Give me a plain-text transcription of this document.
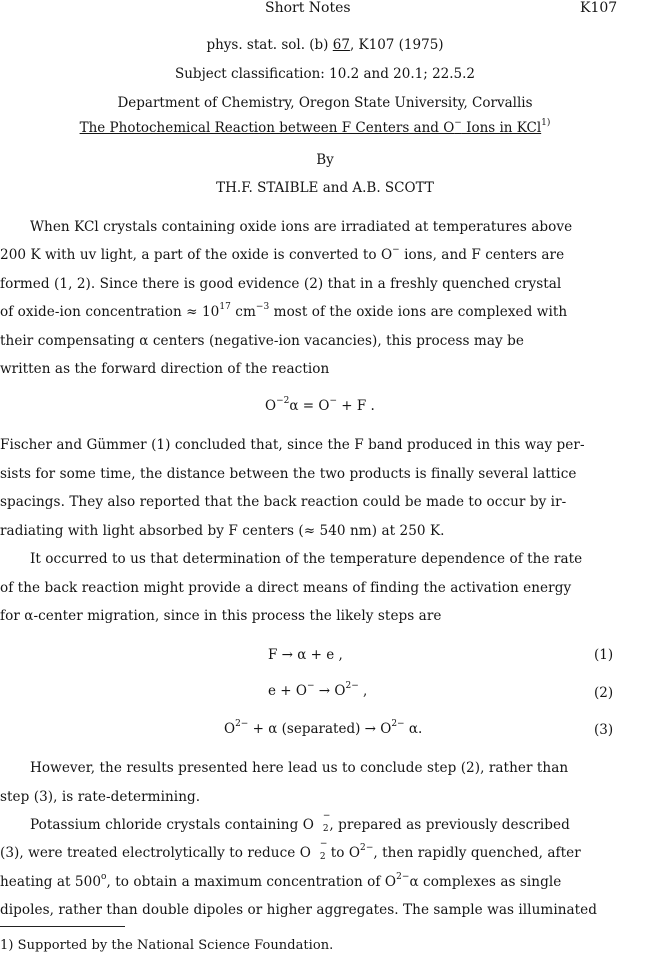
Short Notes	K107
phys. stat. sol. (b) 67, K107 (1975)
Subject classification: 10.2 and 20.1; 22.5.2
Department of Chemistry, Oregon State University, Corvallis
The Photochemical Reaction between F Centers and O− Ions in KCl$^{1)}$
By
TH.F. STAIBLE and A.B. SCOTT
When KCl crystals containing oxide ions are irradiated at temperatures above
200 K with uv light, a part of the oxide is converted to O− ions, and F centers are
formed (1, 2). Since there is good evidence (2) that in a freshly quenched crystal
of oxide-ion concentration ≈ $10^{17}$ $cm^{-3}$ most of the oxide ions are complexed with
their compensating α centers (negative-ion vacancies), this process may be
written as the forward direction of the reaction
$O^{-2}\alpha = O^- + F$ .
Fischer and Gümmer (1) concluded that, since the F band produced in this way per-
sists for some time, the distance between the two products is finally several lattice
spacings. They also reported that the back reaction could be made to occur by ir-
radiating with light absorbed by F centers (≈ 540 nm) at 250 K.
It occurred to us that determination of the temperature dependence of the rate
of the back reaction might provide a direct means of finding the activation energy
for α-center migration, since in this process the likely steps are
F → α + e ,	(1)
$e + O^- \to O^{2-}$ ,	(2)
$O^{2-} + \alpha$ (separated) → $O^{2-}$ α.	(3)
However, the results presented here lead us to conclude step (2), rather than
step (3), is rate-determining.
Potassium chloride crystals containing O
−
2 , prepared as previously described
(3), were treated electrolytically to reduce O
−
2 to $O^{2-}$, then rapidly quenched, after
heating at 500$^o$, to obtain a maximum concentration of $O^{2-}\alpha$ complexes as single
dipoles, rather than double dipoles or higher aggregates. The sample was illuminated
1) Supported by the National Science Foundation.
